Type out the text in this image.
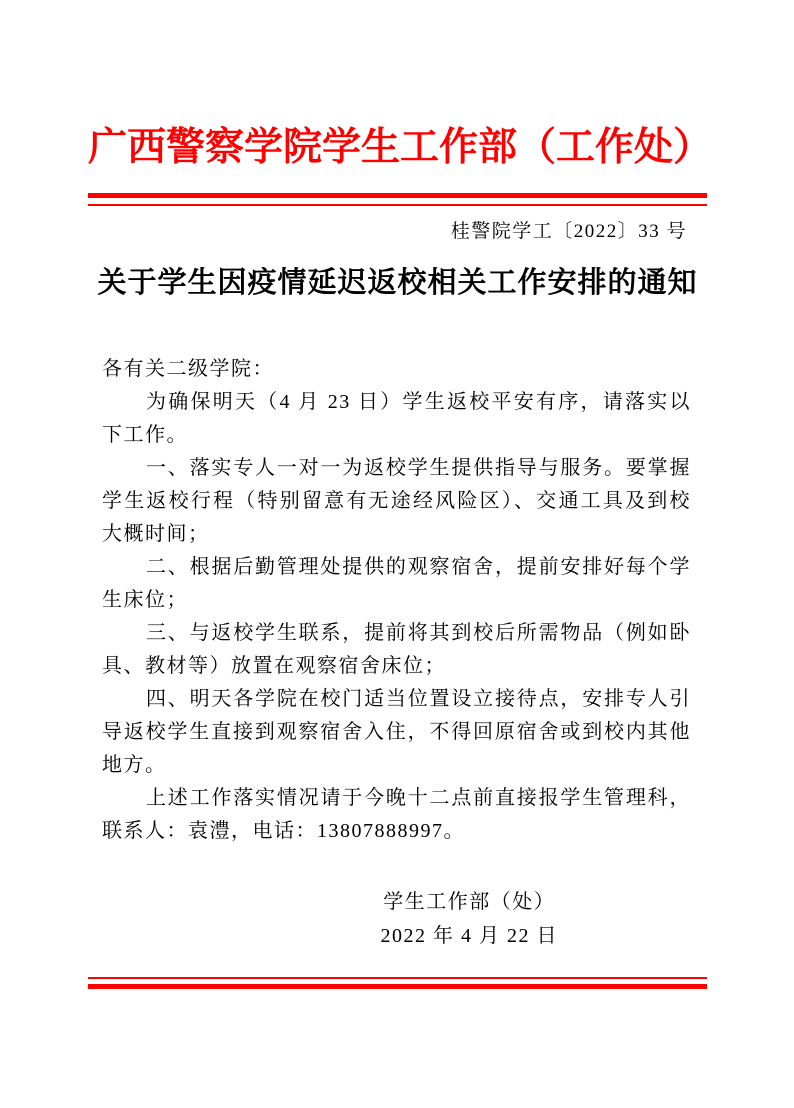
广西警察学院学生工作部（工作处）
桂警院学工〔2022〕33 号
关于学生因疫情延迟返校相关工作安排的通知

各有关二级学院：

为确保明天（4 月 23 日）学生返校平安有序，请落实以下工作。

一、落实专人一对一为返校学生提供指导与服务。要掌握学生返校行程（特别留意有无途经风险区）、交通工具及到校大概时间；

二、根据后勤管理处提供的观察宿舍，提前安排好每个学生床位；

三、与返校学生联系，提前将其到校后所需物品（例如卧具、教材等）放置在观察宿舍床位；

四、明天各学院在校门适当位置设立接待点，安排专人引导返校学生直接到观察宿舍入住，不得回原宿舍或到校内其他地方。

上述工作落实情况请于今晚十二点前直接报学生管理科，联系人：袁澧，电话：13807888997。

学生工作部（处）
2022 年 4 月 22 日
